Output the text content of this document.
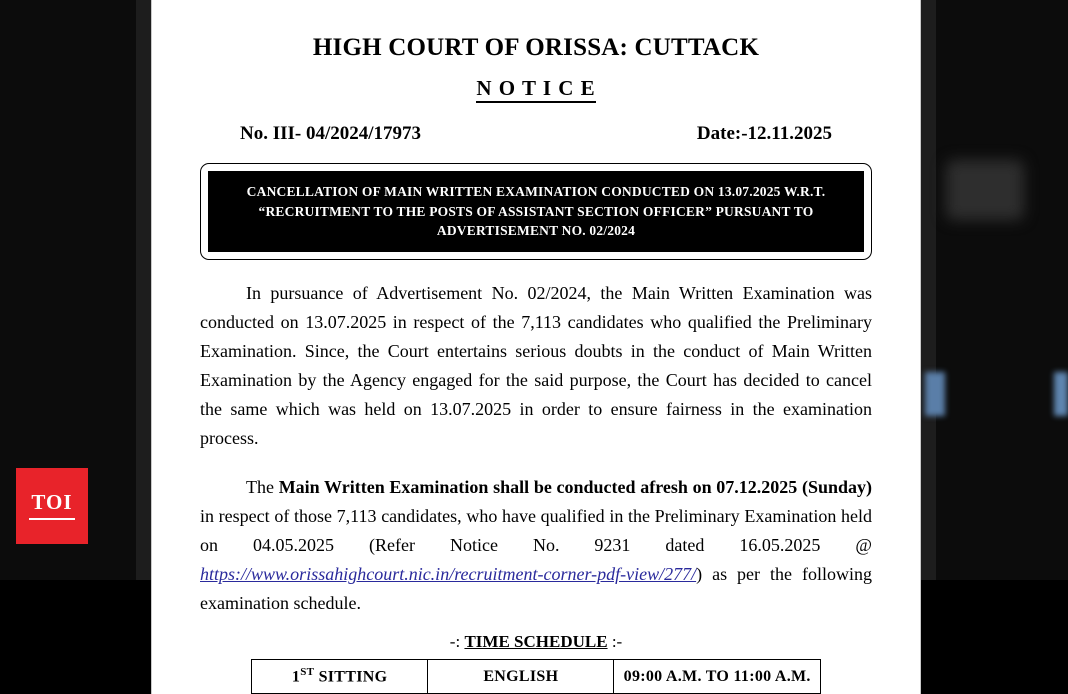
HIGH COURT OF ORISSA: CUTTACK
N O T I C E
No. III- 04/2024/17973	Date:-12.11.2025
CANCELLATION OF MAIN WRITTEN EXAMINATION CONDUCTED ON 13.07.2025 W.R.T. “RECRUITMENT TO THE POSTS OF ASSISTANT SECTION OFFICER” PURSUANT TO ADVERTISEMENT NO. 02/2024
In pursuance of Advertisement No. 02/2024, the Main Written Examination was conducted on 13.07.2025 in respect of the 7,113 candidates who qualified the Preliminary Examination. Since, the Court entertains serious doubts in the conduct of Main Written Examination by the Agency engaged for the said purpose, the Court has decided to cancel the same which was held on 13.07.2025 in order to ensure fairness in the examination process.
The Main Written Examination shall be conducted afresh on 07.12.2025 (Sunday) in respect of those 7,113 candidates, who have qualified in the Preliminary Examination held on 04.05.2025 (Refer Notice No. 9231 dated 16.05.2025 @ https://www.orissahighcourt.nic.in/recruitment-corner-pdf-view/277/) as per the following examination schedule.
-: TIME SCHEDULE :-
1ST SITTING	ENGLISH	09:00 A.M. TO 11:00 A.M.
TOI
